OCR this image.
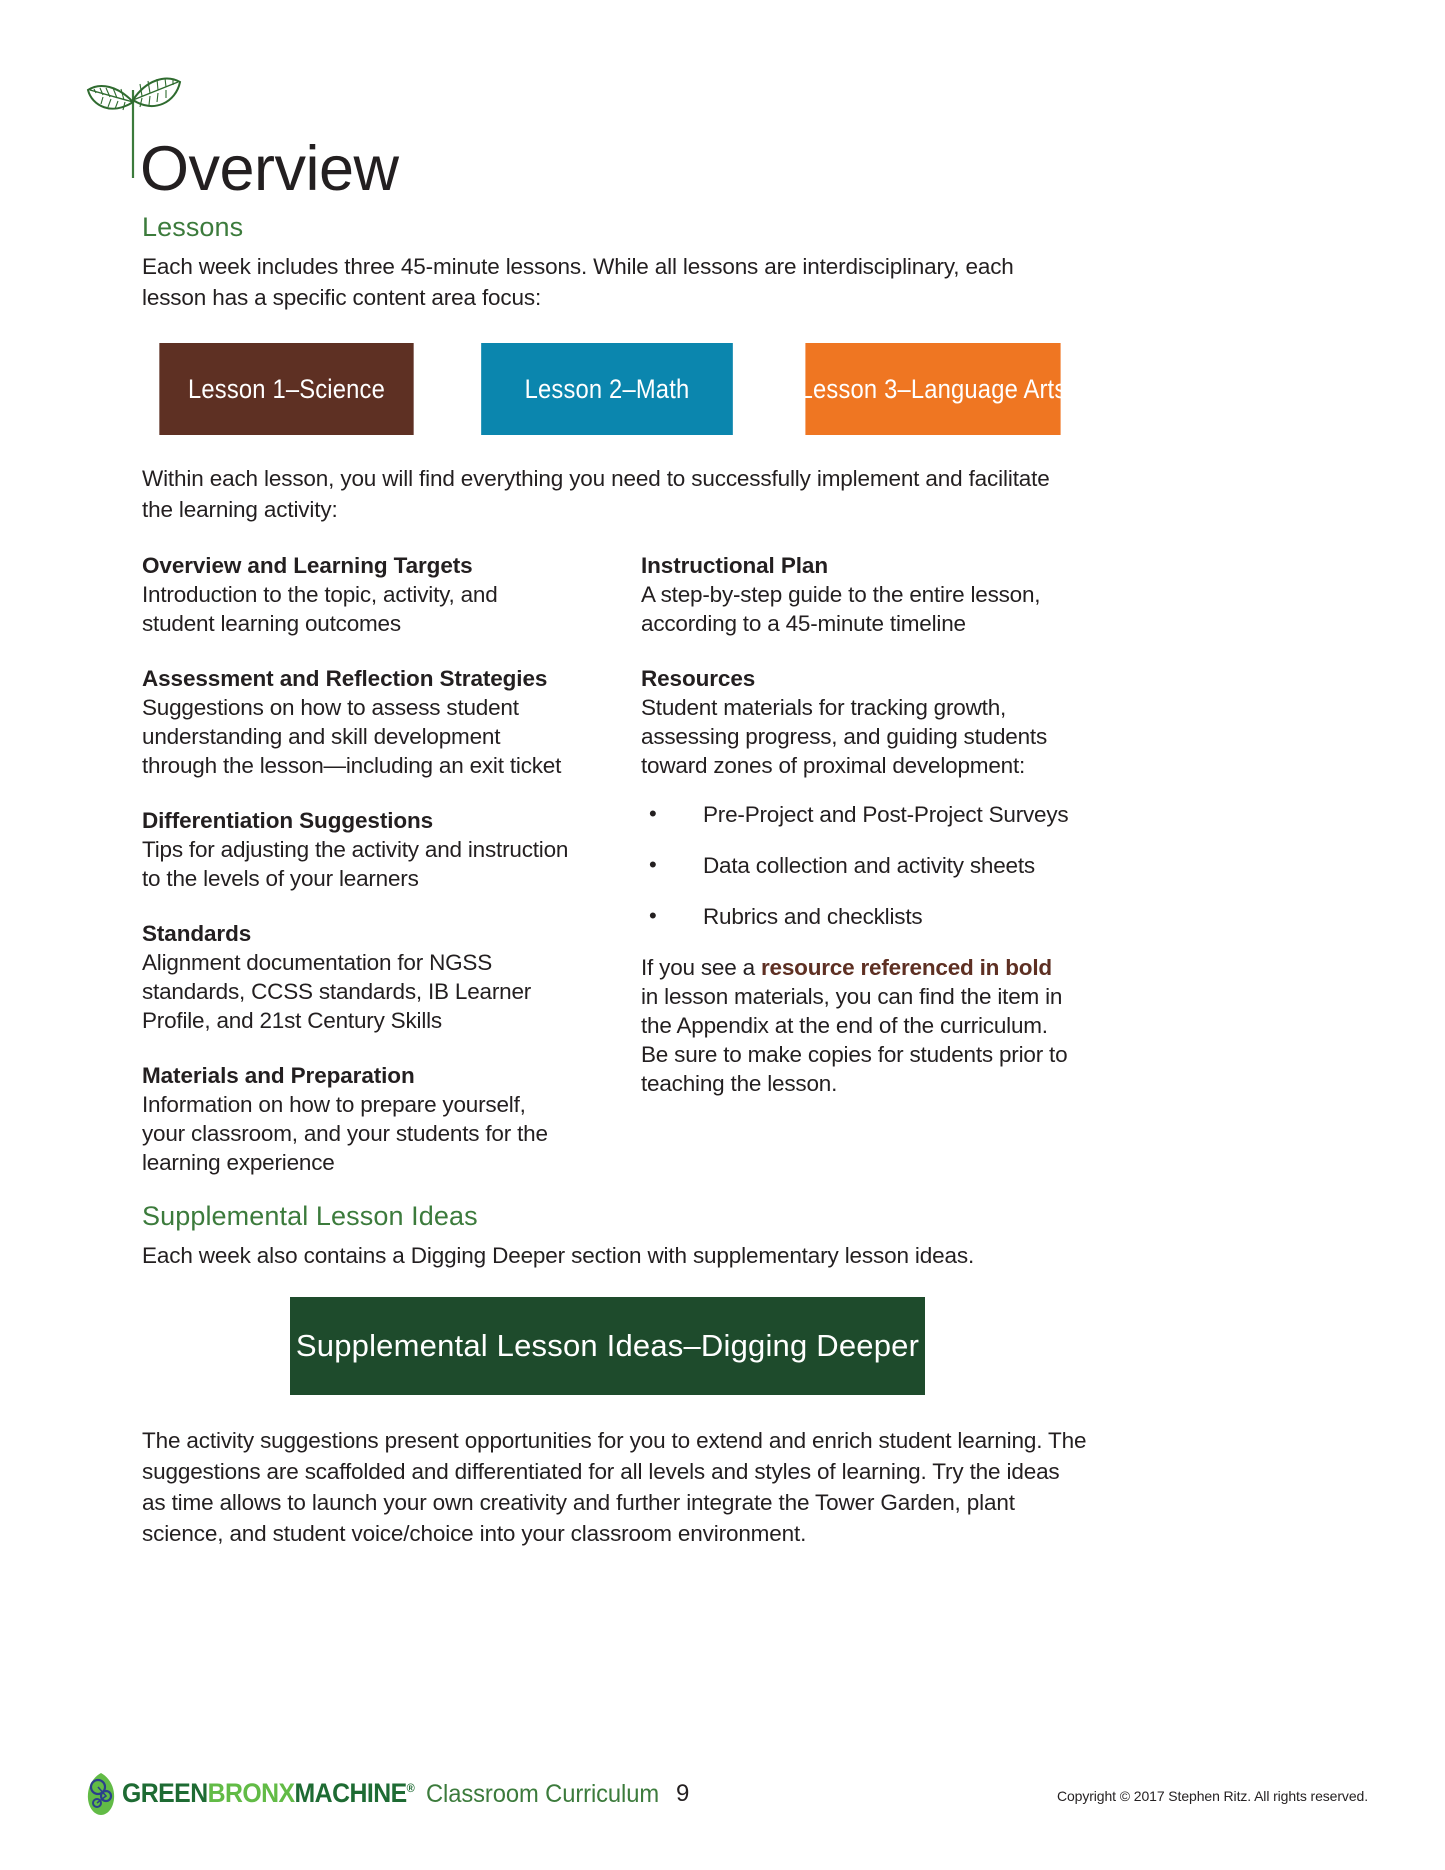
Overview
Lessons

Each week includes three 45-minute lessons. While all lessons are interdisciplinary, each lesson has a specific content area focus:

Lesson 1–Science	Lesson 2–Math	Lesson 3–Language Arts

Within each lesson, you will find everything you need to successfully implement and facilitate the learning activity:

Overview and Learning Targets
Introduction to the topic, activity, and student learning outcomes
Assessment and Reflection Strategies
Suggestions on how to assess student understanding and skill development through the lesson—including an exit ticket
Differentiation Suggestions
Tips for adjusting the activity and instruction to the levels of your learners
Standards
Alignment documentation for NGSS standards, CCSS standards, IB Learner Profile, and 21st Century Skills
Materials and Preparation
Information on how to prepare yourself, your classroom, and your students for the learning experience
Instructional Plan
A step-by-step guide to the entire lesson, according to a 45-minute timeline
Resources
Student materials for tracking growth, assessing progress, and guiding students toward zones of proximal development:
• Pre-Project and Post-Project Surveys
• Data collection and activity sheets
• Rubrics and checklists
If you see a resource referenced in bold in lesson materials, you can find the item in the Appendix at the end of the curriculum. Be sure to make copies for students prior to teaching the lesson.
Supplemental Lesson Ideas

Each week also contains a Digging Deeper section with supplementary lesson ideas.

Supplemental Lesson Ideas–Digging Deeper

The activity suggestions present opportunities for you to extend and enrich student learning. The suggestions are scaffolded and differentiated for all levels and styles of learning. Try the ideas as time allows to launch your own creativity and further integrate the Tower Garden, plant science, and student voice/choice into your classroom environment.

GREENBRONXMACHINE® Classroom Curriculum 9	Copyright © 2017 Stephen Ritz. All rights reserved.
